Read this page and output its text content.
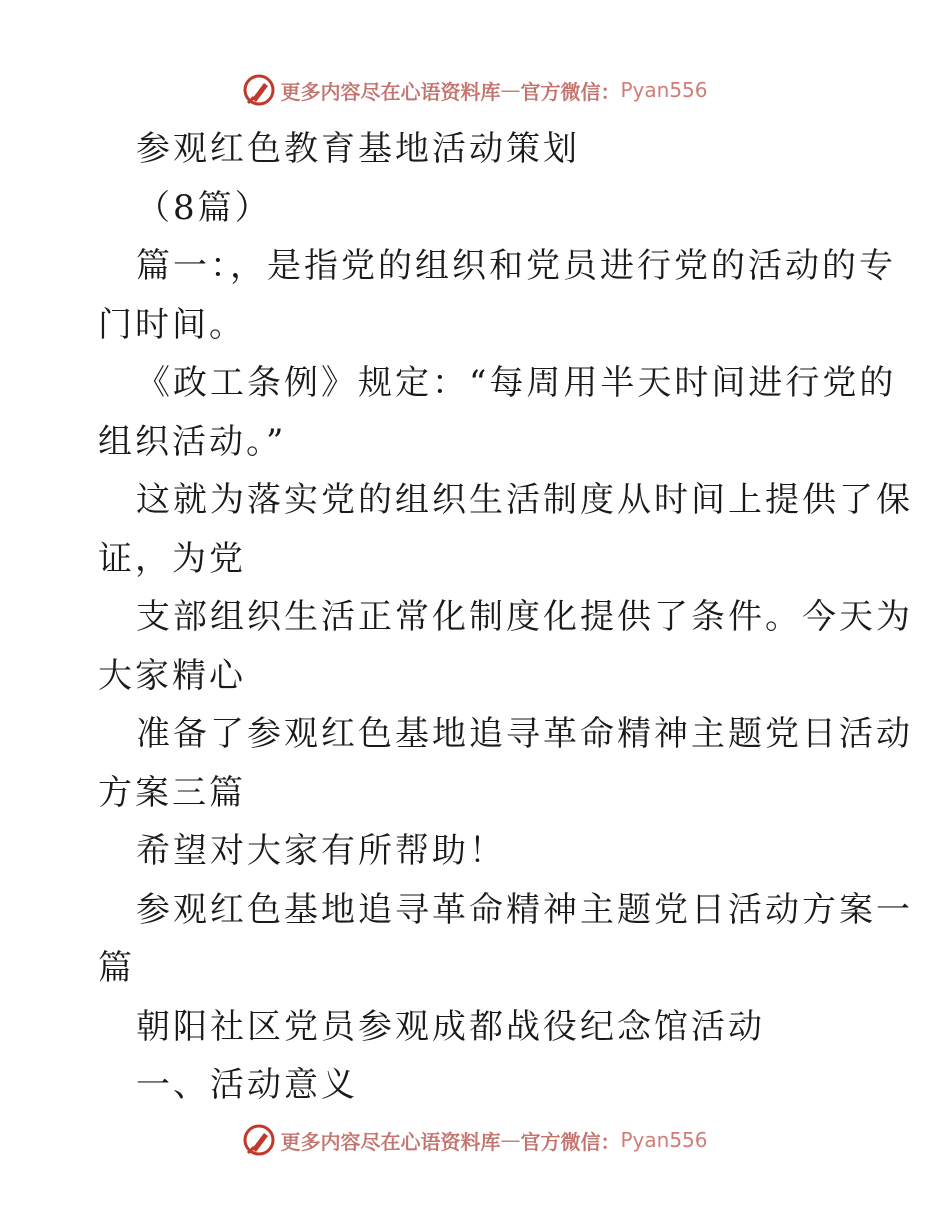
更多内容尽在心语资料库 — 官方微信： Pyan556
参观红色教育基地活动策划
（8篇）
篇一：，是指党的组织和党员进行党的活动的专
门时间。
《政工条例》规定：“每周用半天时间进行党的
组织活动。”
这就为落实党的组织生活制度从时间上提供了保
证，为党
支部组织生活正常化制度化提供了条件。今天为
大家精心
准备了参观红色基地追寻革命精神主题党日活动
方案三篇
希望对大家有所帮助！
参观红色基地追寻革命精神主题党日活动方案一
篇
朝阳社区党员参观成都战役纪念馆活动
一、活动意义
更多内容尽在心语资料库 — 官方微信： Pyan556
